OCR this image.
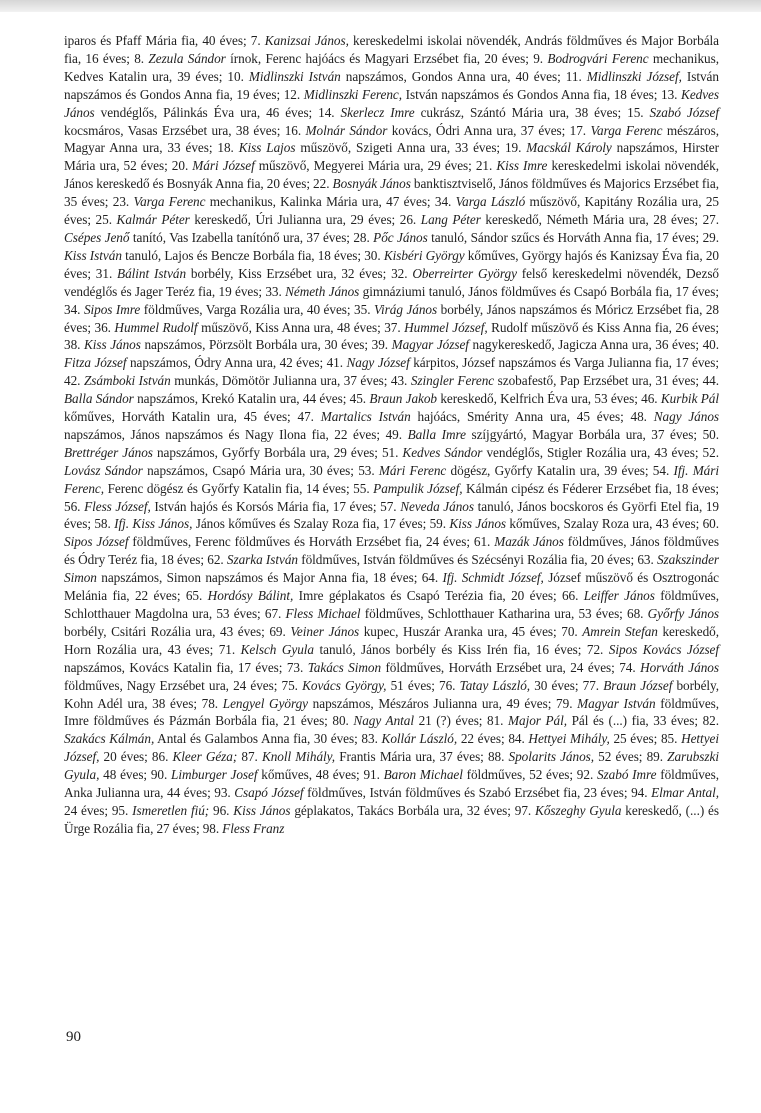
iparos és Pfaff Mária fia, 40 éves; 7. Kanizsai János, kereskedelmi iskolai növendék, András földműves és Major Borbála fia, 16 éves; 8. Zezula Sándor írnok, Ferenc hajóács és Magyari Erzsébet fia, 20 éves; 9. Bodrogvári Ferenc mechanikus, Kedves Katalin ura, 39 éves; 10. Midlinszki István napszámos, Gondos Anna ura, 40 éves; 11. Midlinszki József, István napszámos és Gondos Anna fia, 19 éves; 12. Midlinszki Ferenc, István napszámos és Gondos Anna fia, 18 éves; 13. Kedves János vendéglős, Pálinkás Éva ura, 46 éves; 14. Skerlecz Imre cukrász, Szántó Mária ura, 38 éves; 15. Szabó József kocsmáros, Vasas Erzsébet ura, 38 éves; 16. Molnár Sándor kovács, Ódri Anna ura, 37 éves; 17. Varga Ferenc mészáros, Magyar Anna ura, 33 éves; 18. Kiss Lajos műszövő, Szigeti Anna ura, 33 éves; 19. Macskál Károly napszámos, Hirster Mária ura, 52 éves; 20. Mári József műszövő, Megyerei Mária ura, 29 éves; 21. Kiss Imre kereskedelmi iskolai növendék, János kereskedő és Bosnyák Anna fia, 20 éves; 22. Bosnyák János banktisztviselő, János földműves és Majorics Erzsébet fia, 35 éves; 23. Varga Ferenc mechanikus, Kalinka Mária ura, 47 éves; 34. Varga László műszövő, Kapitány Rozália ura, 25 éves; 25. Kalmár Péter kereskedő, Úri Julianna ura, 29 éves; 26. Lang Péter kereskedő, Németh Mária ura, 28 éves; 27. Csépes Jenő tanító, Vas Izabella tanítónő ura, 37 éves; 28. Pőc János tanuló, Sándor szűcs és Horváth Anna fia, 17 éves; 29. Kiss István tanuló, Lajos és Bencze Borbála fia, 18 éves; 30. Kisbéri György kőműves, György hajós és Kanizsay Éva fia, 20 éves; 31. Bálint István borbély, Kiss Erzsébet ura, 32 éves; 32. Oberreirter György felső kereskedelmi növendék, Dezső vendéglős és Jager Teréz fia, 19 éves; 33. Németh János gimnáziumi tanuló, János földműves és Csapó Borbála fia, 17 éves; 34. Sipos Imre földműves, Varga Rozália ura, 40 éves; 35. Virág János borbély, János napszámos és Móricz Erzsébet fia, 28 éves; 36. Hummel Rudolf műszövő, Kiss Anna ura, 48 éves; 37. Hummel József, Rudolf műszövő és Kiss Anna fia, 26 éves; 38. Kiss János napszámos, Pörzsölt Borbála ura, 30 éves; 39. Magyar József nagykereskedő, Jagicza Anna ura, 36 éves; 40. Fitza József napszámos, Ódry Anna ura, 42 éves; 41. Nagy József kárpitos, József napszámos és Varga Julianna fia, 17 éves; 42. Zsámboki István munkás, Dömötör Julianna ura, 37 éves; 43. Szingler Ferenc szobafestő, Pap Erzsébet ura, 31 éves; 44. Balla Sándor napszámos, Krekó Katalin ura, 44 éves; 45. Braun Jakob kereskedő, Kelfrich Éva ura, 53 éves; 46. Kurbik Pál kőműves, Horváth Katalin ura, 45 éves; 47. Martalics István hajóács, Smérity Anna ura, 45 éves; 48. Nagy János napszámos, János napszámos és Nagy Ilona fia, 22 éves; 49. Balla Imre szíjgyártó, Magyar Borbála ura, 37 éves; 50. Brettréger János napszámos, Győrfy Borbála ura, 29 éves; 51. Kedves Sándor vendéglős, Stigler Rozália ura, 43 éves; 52. Lovász Sándor napszámos, Csapó Mária ura, 30 éves; 53. Mári Ferenc dögész, Győrfy Katalin ura, 39 éves; 54. Ifj. Mári Ferenc, Ferenc dögész és Győrfy Katalin fia, 14 éves; 55. Pampulik József, Kálmán cipész és Féderer Erzsébet fia, 18 éves; 56. Fless József, István hajós és Korsós Mária fia, 17 éves; 57. Neveda János tanuló, János bocskoros és Györfi Etel fia, 19 éves; 58. Ifj. Kiss János, János kőműves és Szalay Roza fia, 17 éves; 59. Kiss János kőműves, Szalay Roza ura, 43 éves; 60. Sipos József földműves, Ferenc földműves és Horváth Erzsébet fia, 24 éves; 61. Mazák János földműves, János földműves és Ódry Teréz fia, 18 éves; 62. Szarka István földműves, István földműves és Szécsényi Rozália fia, 20 éves; 63. Szakszinder Simon napszámos, Simon napszámos és Major Anna fia, 18 éves; 64. Ifj. Schmidt József, József műszövő és Osztrogonác Melánia fia, 22 éves; 65. Hordósy Bálint, Imre géplakatos és Csapó Terézia fia, 20 éves; 66. Leiffer János földműves, Schlotthauer Magdolna ura, 53 éves; 67. Fless Michael földműves, Schlotthauer Katharina ura, 53 éves; 68. Győrfy János borbély, Csitári Rozália ura, 43 éves; 69. Veiner János kupec, Huszár Aranka ura, 45 éves; 70. Amrein Stefan kereskedő, Horn Rozália ura, 43 éves; 71. Kelsch Gyula tanuló, János borbély és Kiss Irén fia, 16 éves; 72. Sipos Kovács József napszámos, Kovács Katalin fia, 17 éves; 73. Takács Simon földműves, Horváth Erzsébet ura, 24 éves; 74. Horváth János földműves, Nagy Erzsébet ura, 24 éves; 75. Kovács György, 51 éves; 76. Tatay László, 30 éves; 77. Braun József borbély, Kohn Adél ura, 38 éves; 78. Lengyel György napszámos, Mészáros Julianna ura, 49 éves; 79. Magyar István földműves, Imre földműves és Pázmán Borbála fia, 21 éves; 80. Nagy Antal 21 (?) éves; 81. Major Pál, Pál és (...) fia, 33 éves; 82. Szakács Kálmán, Antal és Galambos Anna fia, 30 éves; 83. Kollár László, 22 éves; 84. Hettyei Mihály, 25 éves; 85. Hettyei József, 20 éves; 86. Kleer Géza; 87. Knoll Mihály, Frantis Mária ura, 37 éves; 88. Spolarits János, 52 éves; 89. Zarubszki Gyula, 48 éves; 90. Limburger Josef kőműves, 48 éves; 91. Baron Michael földműves, 52 éves; 92. Szabó Imre földműves, Anka Julianna ura, 44 éves; 93. Csapó József földműves, István földműves és Szabó Erzsébet fia, 23 éves; 94. Elmar Antal, 24 éves; 95. Ismeretlen fiú; 96. Kiss János géplakatos, Takács Borbála ura, 32 éves; 97. Kőszeghy Gyula kereskedő, (...) és Ürge Rozália fia, 27 éves; 98. Fless Franz

90
